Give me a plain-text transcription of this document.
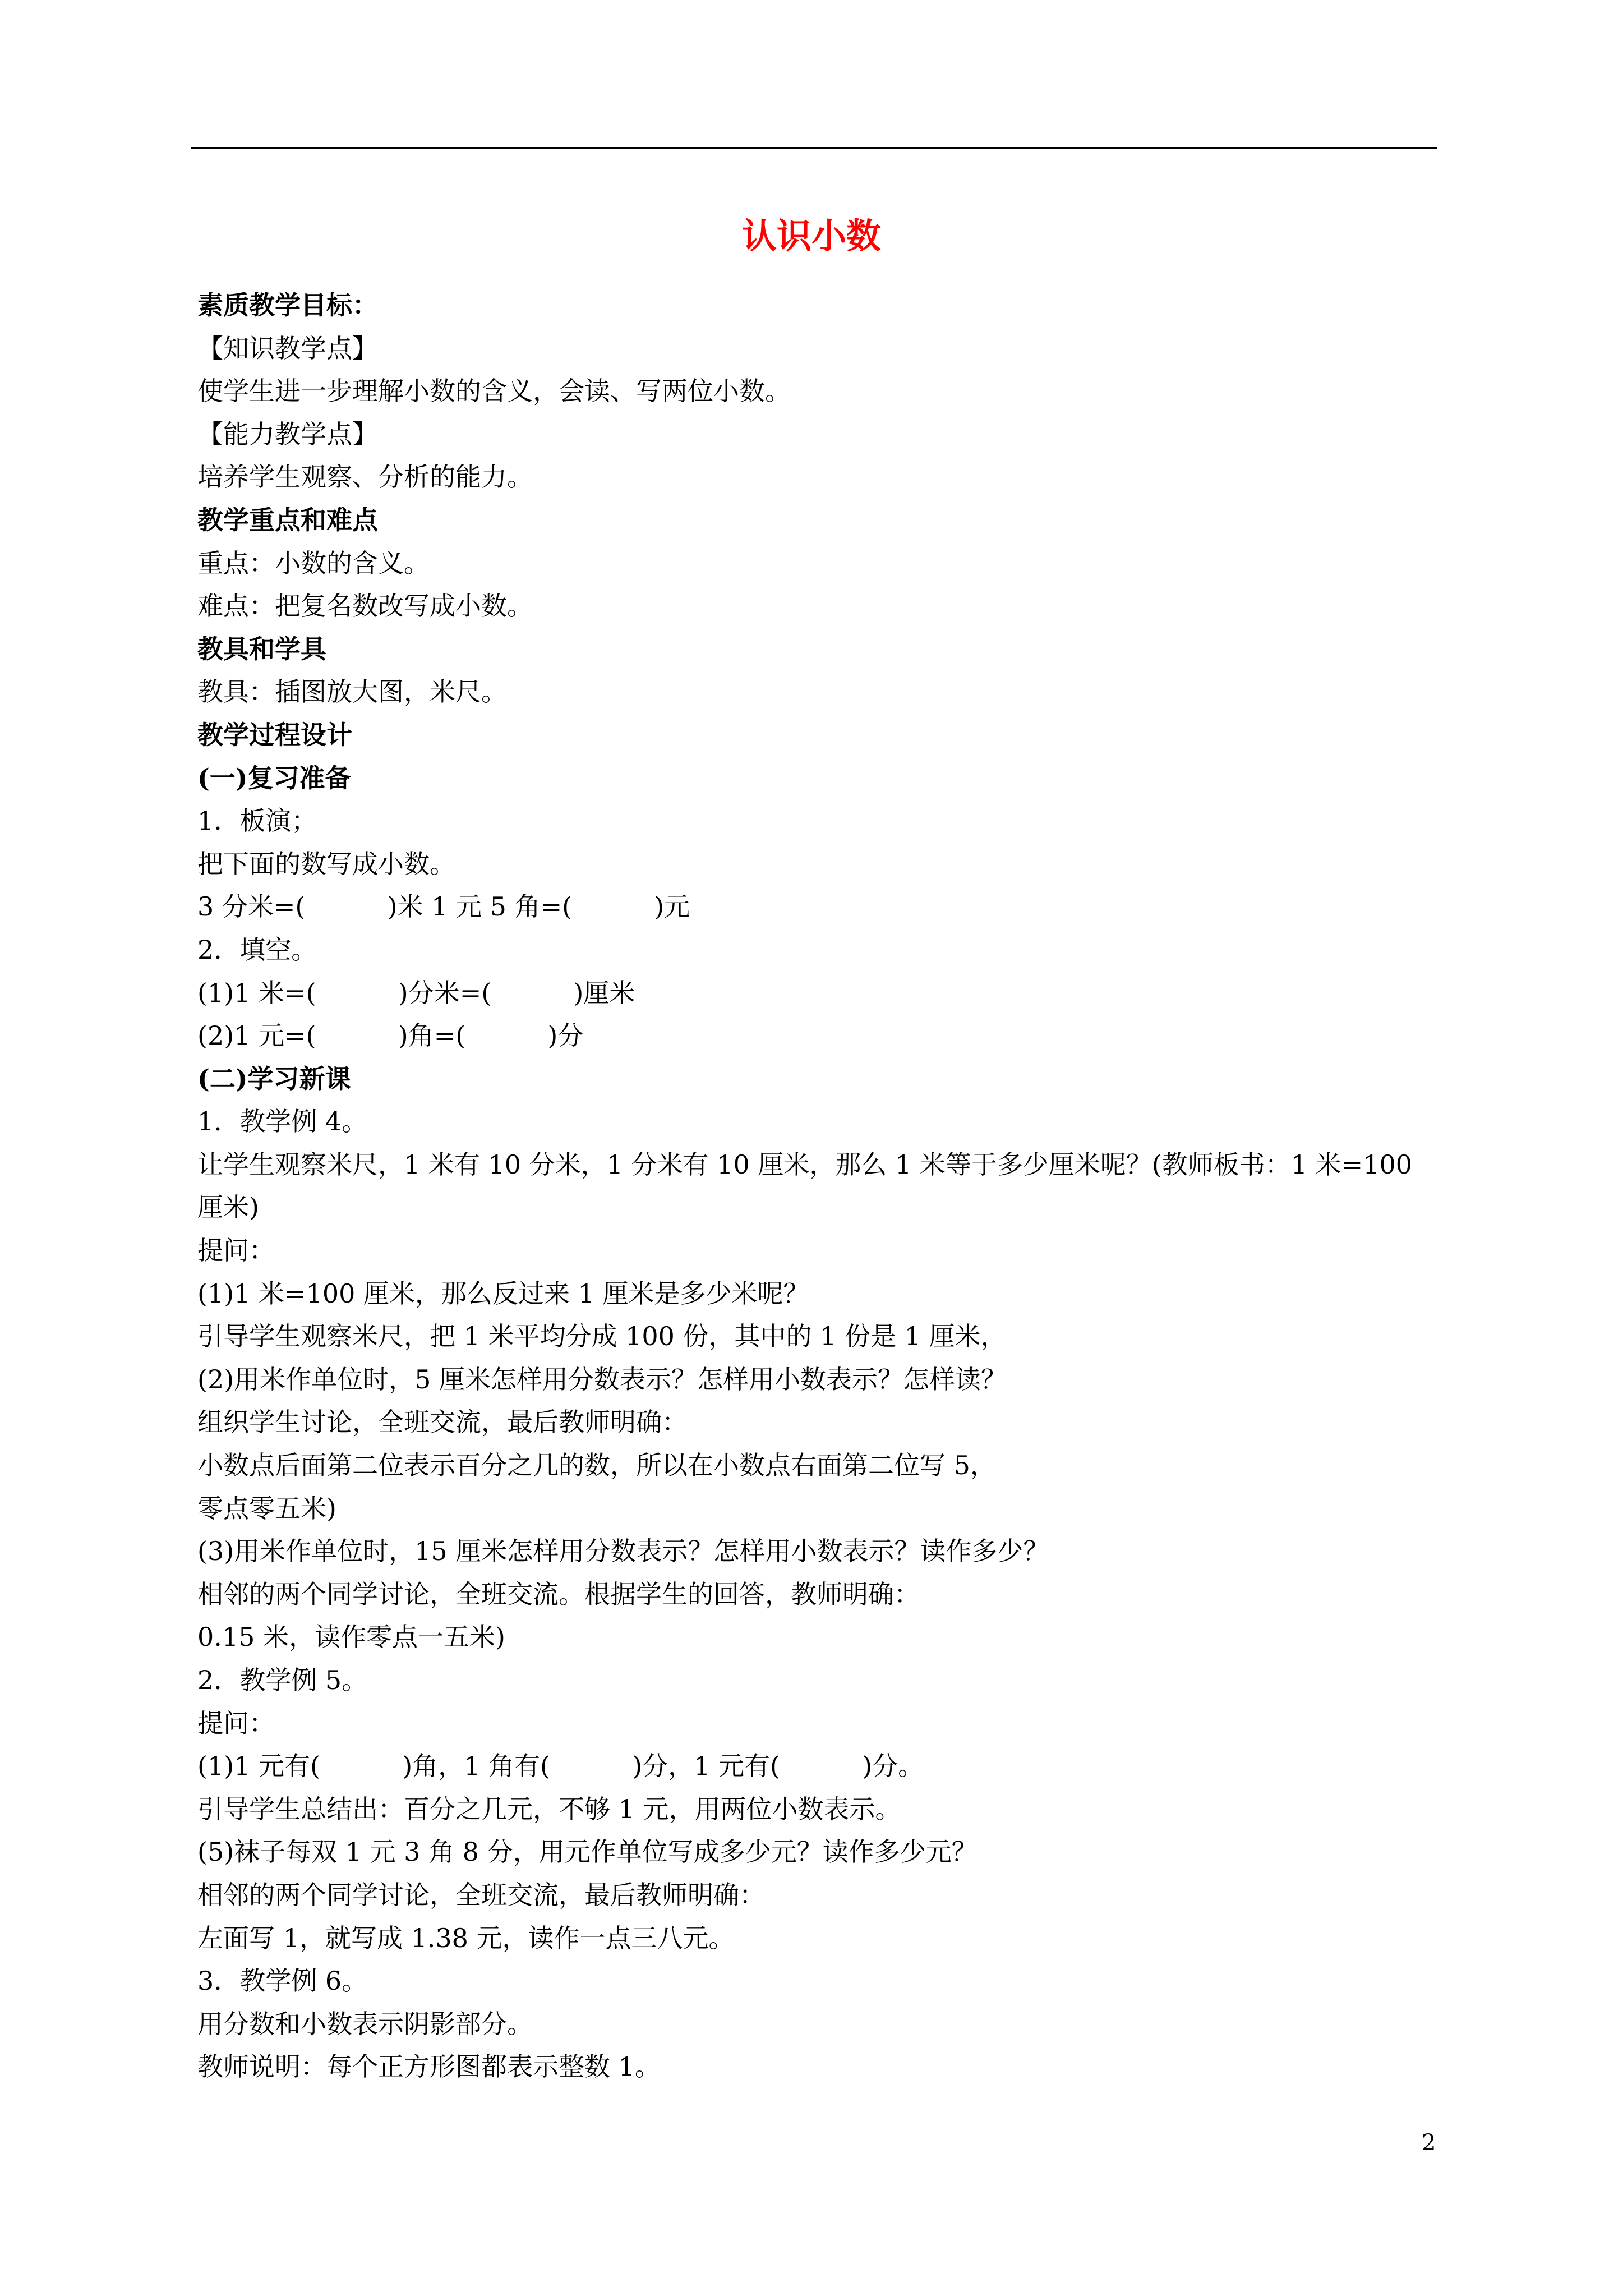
认识小数
素质教学目标：
【知识教学点】
使学生进一步理解小数的含义，会读、写两位小数。
【能力教学点】
培养学生观察、分析的能力。
教学重点和难点
重点：小数的含义。
难点：把复名数改写成小数。
教具和学具
教具：插图放大图，米尺。
教学过程设计
(一)复习准备
1．板演；
把下面的数写成小数。
3 分米=(          )米 1 元 5 角=(          )元
2．填空。
(1)1 米=(          )分米=(          )厘米
(2)1 元=(          )角=(          )分
(二)学习新课
1．教学例 4。
让学生观察米尺，1 米有 10 分米，1 分米有 10 厘米，那么 1 米等于多少厘米呢？(教师板书：1 米=100 厘米)
提问：
(1)1 米=100 厘米，那么反过来 1 厘米是多少米呢？
引导学生观察米尺，把 1 米平均分成 100 份，其中的 1 份是 1 厘米，
(2)用米作单位时，5 厘米怎样用分数表示？怎样用小数表示？怎样读？
组织学生讨论，全班交流，最后教师明确：
小数点后面第二位表示百分之几的数，所以在小数点右面第二位写 5，
零点零五米)
(3)用米作单位时，15 厘米怎样用分数表示？怎样用小数表示？读作多少？
相邻的两个同学讨论，全班交流。根据学生的回答，教师明确：
0.15 米，读作零点一五米)
2．教学例 5。
提问：
(1)1 元有(          )角，1 角有(          )分，1 元有(          )分。
引导学生总结出：百分之几元，不够 1 元，用两位小数表示。
(5)袜子每双 1 元 3 角 8 分，用元作单位写成多少元？读作多少元？
相邻的两个同学讨论，全班交流，最后教师明确：
左面写 1，就写成 1.38 元，读作一点三八元。
3．教学例 6。
用分数和小数表示阴影部分。
教师说明：每个正方形图都表示整数 1。
2
